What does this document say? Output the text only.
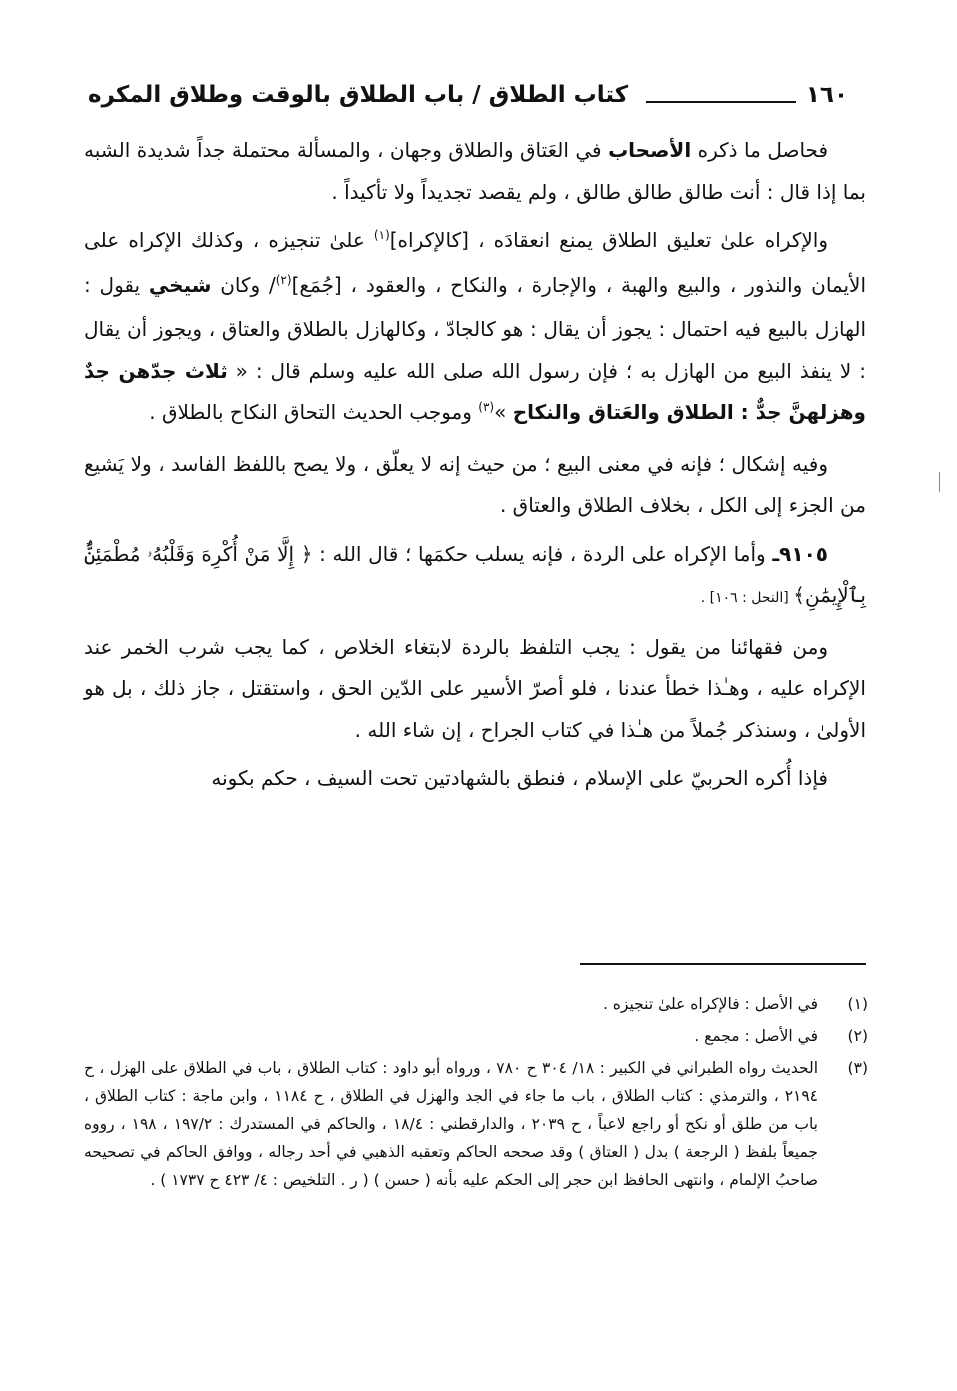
١٦٠
كتاب الطلاق / باب الطلاق بالوقت وطلاق المكره

فحاصل ما ذكره الأصحاب في العَتاق والطلاق وجهان ، والمسألة محتملة جداً شديدة الشبه بما إذا قال : أنت طالق طالق طالق ، ولم يقصد تجديداً ولا تأكيداً .

والإكراه علىٰ تعليق الطلاق يمنع انعقادَه ، [كالإكراه]$^{(١)}$ علىٰ تنجيزه ، وكذلك الإكراه على الأيمان والنذور ، والبيع والهبة ، والإجارة ، والنكاح ، والعقود ، [جُمَع]$^{(٢)}$/ وكان شيخي يقول : الهازل بالبيع فيه احتمال : يجوز أن يقال : هو كالجادّ ، وكالهازل بالطلاق والعتاق ، ويجوز أن يقال : لا ينفذ البيع من الهازل به ؛ فإن رسول الله صلى الله عليه وسلم قال : « ثلاث جدّهن جدٌ وهزلهنَّ جدٌّ : الطلاق والعَتاق والنكاح »$^{(٣)}$ وموجب الحديث التحاق النكاح بالطلاق .

وفيه إشكال ؛ فإنه في معنى البيع ؛ من حيث إنه لا يعلّق ، ولا يصح باللفظ الفاسد ، ولا يَشيع من الجزء إلى الكل ، بخلاف الطلاق والعتاق .

٩١٠٥ـ وأما الإكراه على الردة ، فإنه يسلب حكمَها ؛ قال الله : ﴿ إِلَّا مَنْ أُكْرِهَ وَقَلْبُهُۥ مُطْمَئِنٌّۢ بِٱلْإِيمَٰنِ﴾ [النحل : ١٠٦] .

ومن فقهائنا من يقول : يجب التلفظ بالردة لابتغاء الخلاص ، كما يجب شرب الخمر عند الإكراه عليه ، وهـٰذا خطأ عندنا ، فلو أصرّ الأسير على الدّين الحق ، واستقتل ، جاز ذلك ، بل هو الأولىٰ ، وسنذكر جُملاً من هـٰذا في كتاب الجراح ، إن شاء الله .

فإذا أُكره الحربيّ على الإسلام ، فنطق بالشهادتين تحت السيف ، حكم بكونه

(١)
في الأصل : فالإكراه علىٰ تنجيزه .
(٢)
في الأصل : مجمع .
(٣)
الحديث رواه الطبراني في الكبير : ١٨/ ٣٠٤ ح ٧٨٠ ، ورواه أبو داود : كتاب الطلاق ، باب في الطلاق على الهزل ، ح ٢١٩٤ ، والترمذي : كتاب الطلاق ، باب ما جاء في الجد والهزل في الطلاق ، ح ١١٨٤ ، وابن ماجة : كتاب الطلاق ، باب من طلق أو نكح أو راجع لاعباً ، ح ٢٠٣٩ ، والدارقطني : ١٨/٤ ، والحاكم في المستدرك : ١٩٧/٢ ، ١٩٨ ، رووه جميعاً بلفظ ( الرجعة ) بدل ( العتاق ) وقد صححه الحاكم وتعقبه الذهبي في أحد رجاله ، ووافق الحاكم في تصحيحه صاحبُ الإلمام ، وانتهى الحافظ ابن حجر إلى الحكم عليه بأنه ( حسن ) ( ر . التلخيص : ٤/ ٤٢٣ ح ١٧٣٧ ) .
